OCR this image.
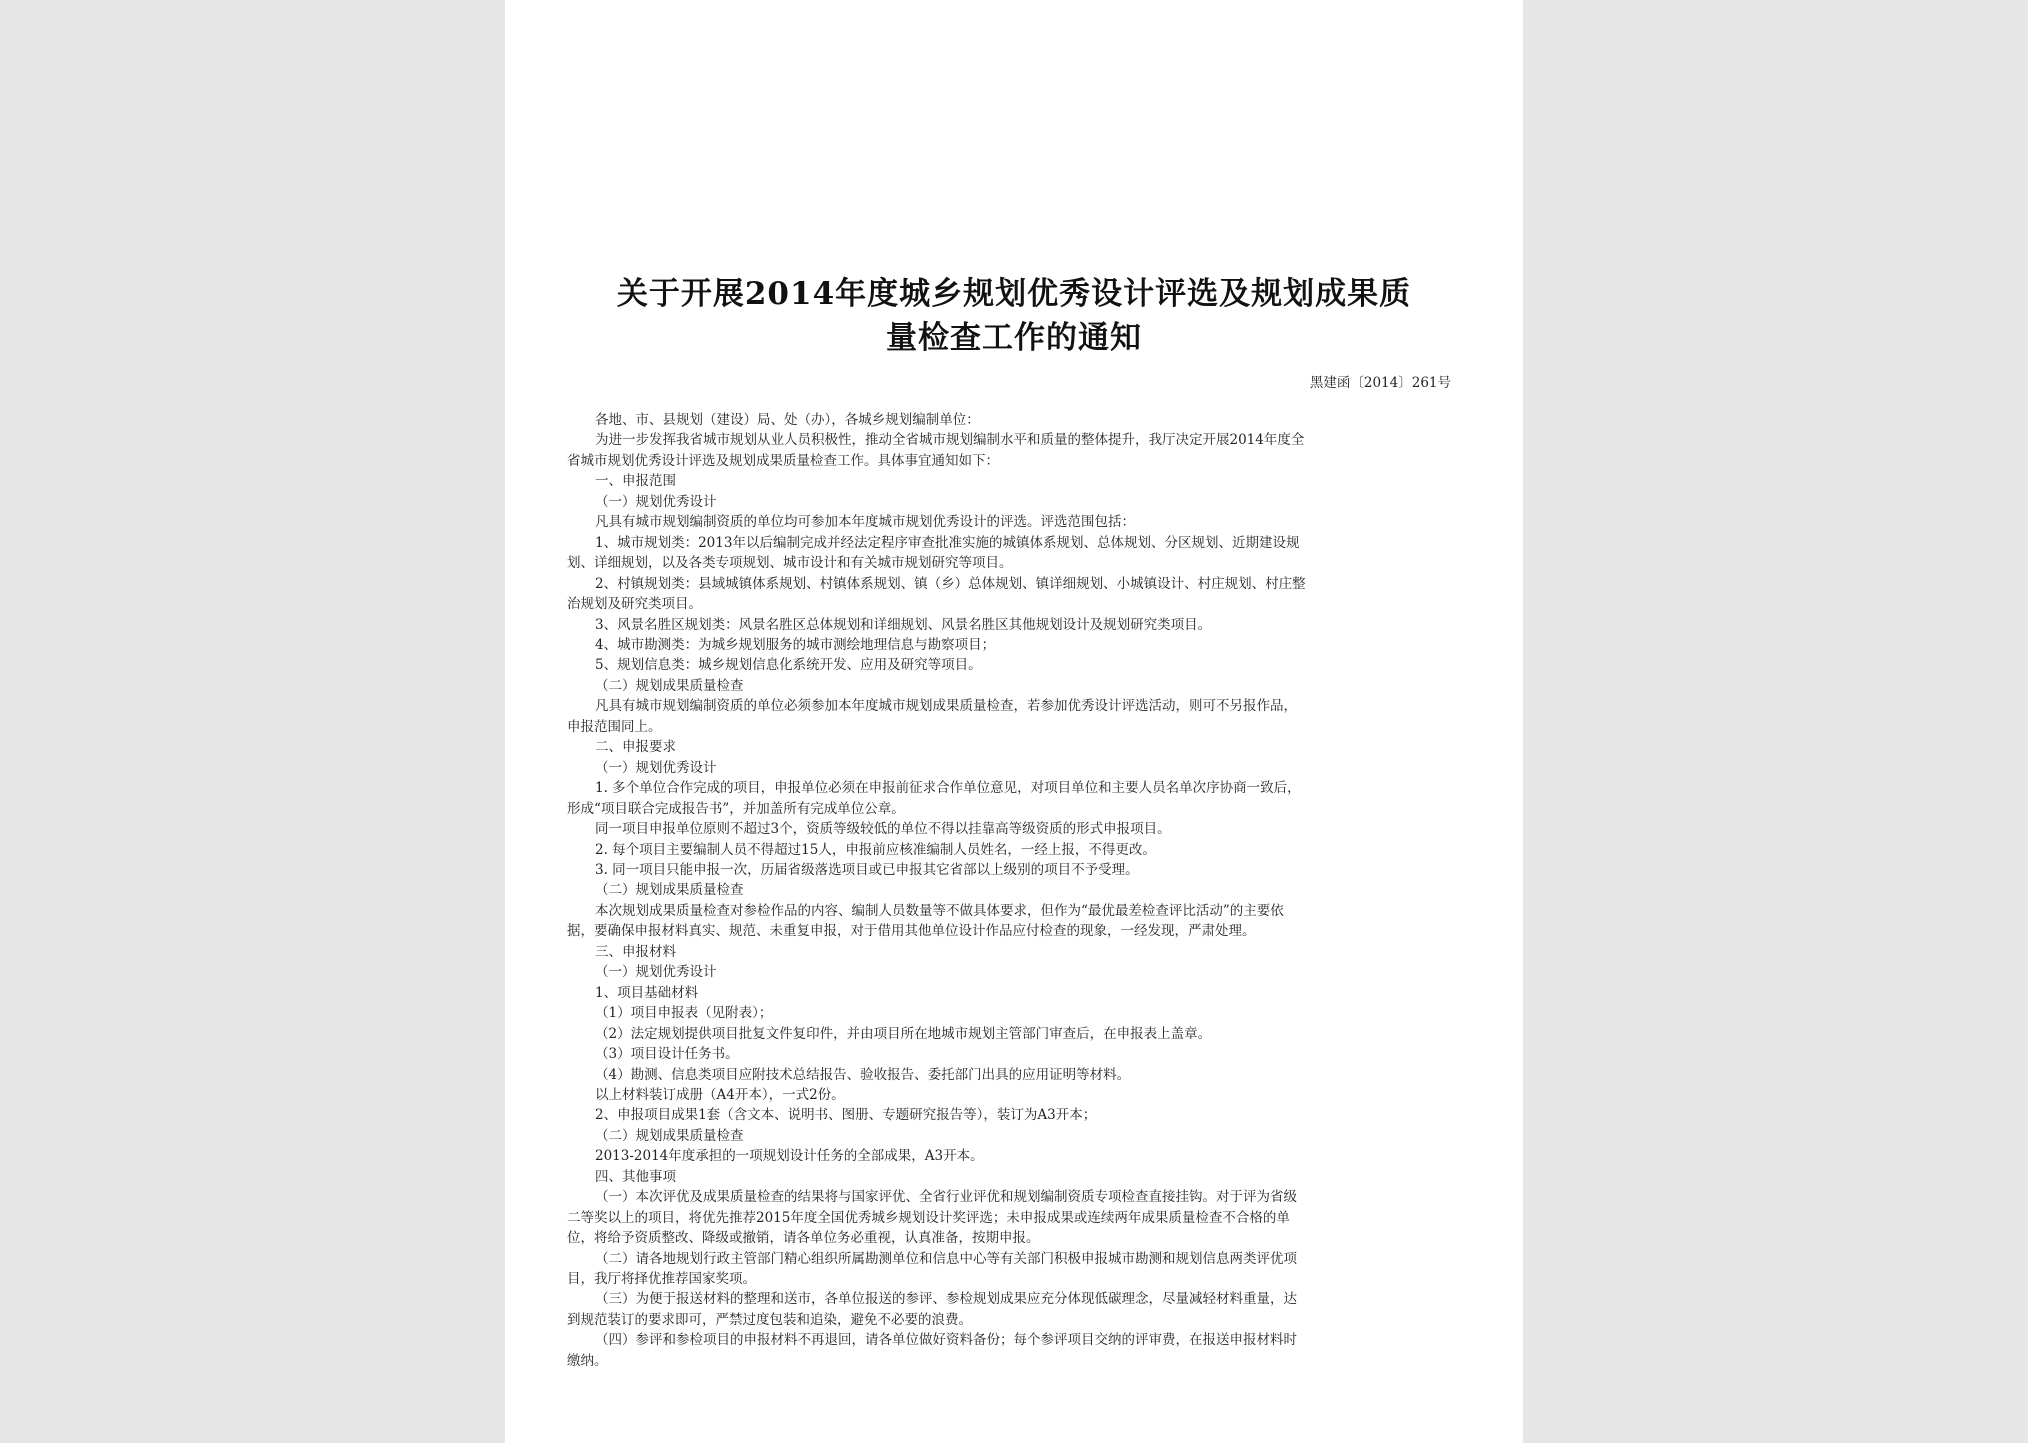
关于开展2014年度城乡规划优秀设计评选及规划成果质
量检查工作的通知
黑建函〔2014〕261号

各地、市、县规划（建设）局、处（办），各城乡规划编制单位：

为进一步发挥我省城市规划从业人员积极性，推动全省城市规划编制水平和质量的整体提升，我厅决定开展2014年度全

省城市规划优秀设计评选及规划成果质量检查工作。具体事宜通知如下：

一、申报范围

（一）规划优秀设计

凡具有城市规划编制资质的单位均可参加本年度城市规划优秀设计的评选。评选范围包括：

1、城市规划类：2013年以后编制完成并经法定程序审查批准实施的城镇体系规划、总体规划、分区规划、近期建设规

划、详细规划，以及各类专项规划、城市设计和有关城市规划研究等项目。

2、村镇规划类：县域城镇体系规划、村镇体系规划、镇（乡）总体规划、镇详细规划、小城镇设计、村庄规划、村庄整

治规划及研究类项目。

3、风景名胜区规划类：风景名胜区总体规划和详细规划、风景名胜区其他规划设计及规划研究类项目。

4、城市勘测类：为城乡规划服务的城市测绘地理信息与勘察项目；

5、规划信息类：城乡规划信息化系统开发、应用及研究等项目。

（二）规划成果质量检查

凡具有城市规划编制资质的单位必须参加本年度城市规划成果质量检查，若参加优秀设计评选活动，则可不另报作品，

申报范围同上。

二、申报要求

（一）规划优秀设计

1. 多个单位合作完成的项目，申报单位必须在申报前征求合作单位意见，对项目单位和主要人员名单次序协商一致后，

形成“项目联合完成报告书”，并加盖所有完成单位公章。

同一项目申报单位原则不超过3个，资质等级较低的单位不得以挂靠高等级资质的形式申报项目。

2. 每个项目主要编制人员不得超过15人，申报前应核准编制人员姓名，一经上报，不得更改。

3. 同一项目只能申报一次，历届省级落选项目或已申报其它省部以上级别的项目不予受理。

（二）规划成果质量检查

本次规划成果质量检查对参检作品的内容、编制人员数量等不做具体要求，但作为“最优最差检查评比活动”的主要依

据，要确保申报材料真实、规范、未重复申报，对于借用其他单位设计作品应付检查的现象，一经发现，严肃处理。

三、申报材料

（一）规划优秀设计

1、项目基础材料

（1）项目申报表（见附表）；

（2）法定规划提供项目批复文件复印件，并由项目所在地城市规划主管部门审查后，在申报表上盖章。

（3）项目设计任务书。

（4）勘测、信息类项目应附技术总结报告、验收报告、委托部门出具的应用证明等材料。

以上材料装订成册（A4开本），一式2份。

2、申报项目成果1套（含文本、说明书、图册、专题研究报告等），装订为A3开本；

（二）规划成果质量检查

2013-2014年度承担的一项规划设计任务的全部成果，A3开本。

四、其他事项

（一）本次评优及成果质量检查的结果将与国家评优、全省行业评优和规划编制资质专项检查直接挂钩。对于评为省级

二等奖以上的项目，将优先推荐2015年度全国优秀城乡规划设计奖评选；未申报成果或连续两年成果质量检查不合格的单

位，将给予资质整改、降级或撤销，请各单位务必重视，认真准备，按期申报。

（二）请各地规划行政主管部门精心组织所属勘测单位和信息中心等有关部门积极申报城市勘测和规划信息两类评优项

目，我厅将择优推荐国家奖项。

（三）为便于报送材料的整理和送市，各单位报送的参评、参检规划成果应充分体现低碳理念，尽量减轻材料重量，达

到规范装订的要求即可，严禁过度包装和追染，避免不必要的浪费。

（四）参评和参检项目的申报材料不再退回，请各单位做好资料备份；每个参评项目交纳的评审费，在报送申报材料时

缴纳。
